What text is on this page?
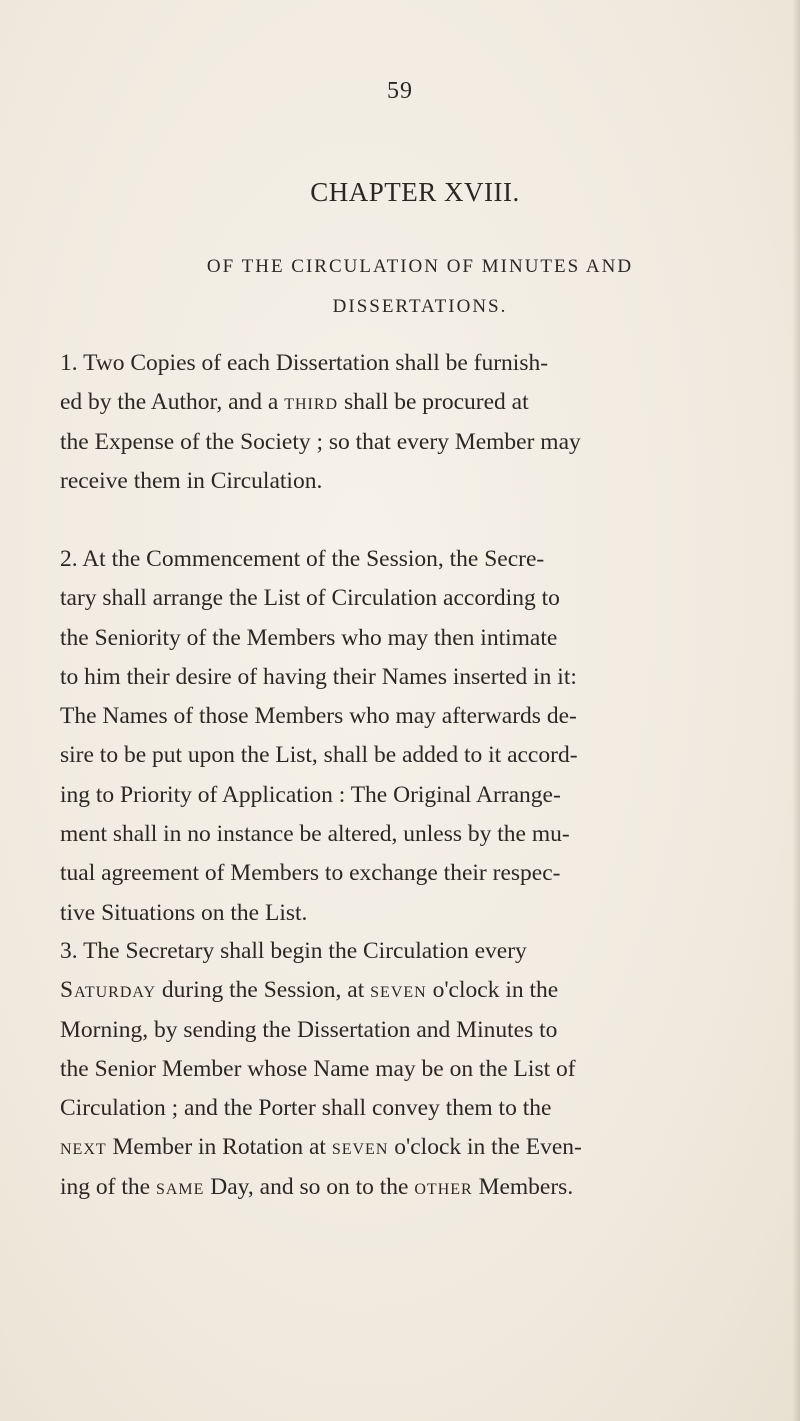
59
CHAPTER XVIII.
OF THE CIRCULATION OF MINUTES AND
DISSERTATIONS.
1. Two Copies of each Dissertation shall be furnish-
ed by the Author, and a third shall be procured at
the Expense of the Society ; so that every Member may
receive them in Circulation.
2. At the Commencement of the Session, the Secre-
tary shall arrange the List of Circulation according to
the Seniority of the Members who may then intimate
to him their desire of having their Names inserted in it:
The Names of those Members who may afterwards de-
sire to be put upon the List, shall be added to it accord-
ing to Priority of Application : The Original Arrange-
ment shall in no instance be altered, unless by the mu-
tual agreement of Members to exchange their respec-
tive Situations on the List.
3. The Secretary shall begin the Circulation every
Saturday during the Session, at seven o'clock in the
Morning, by sending the Dissertation and Minutes to
the Senior Member whose Name may be on the List of
Circulation ; and the Porter shall convey them to the
next Member in Rotation at seven o'clock in the Even-
ing of the same Day, and so on to the other Members.
